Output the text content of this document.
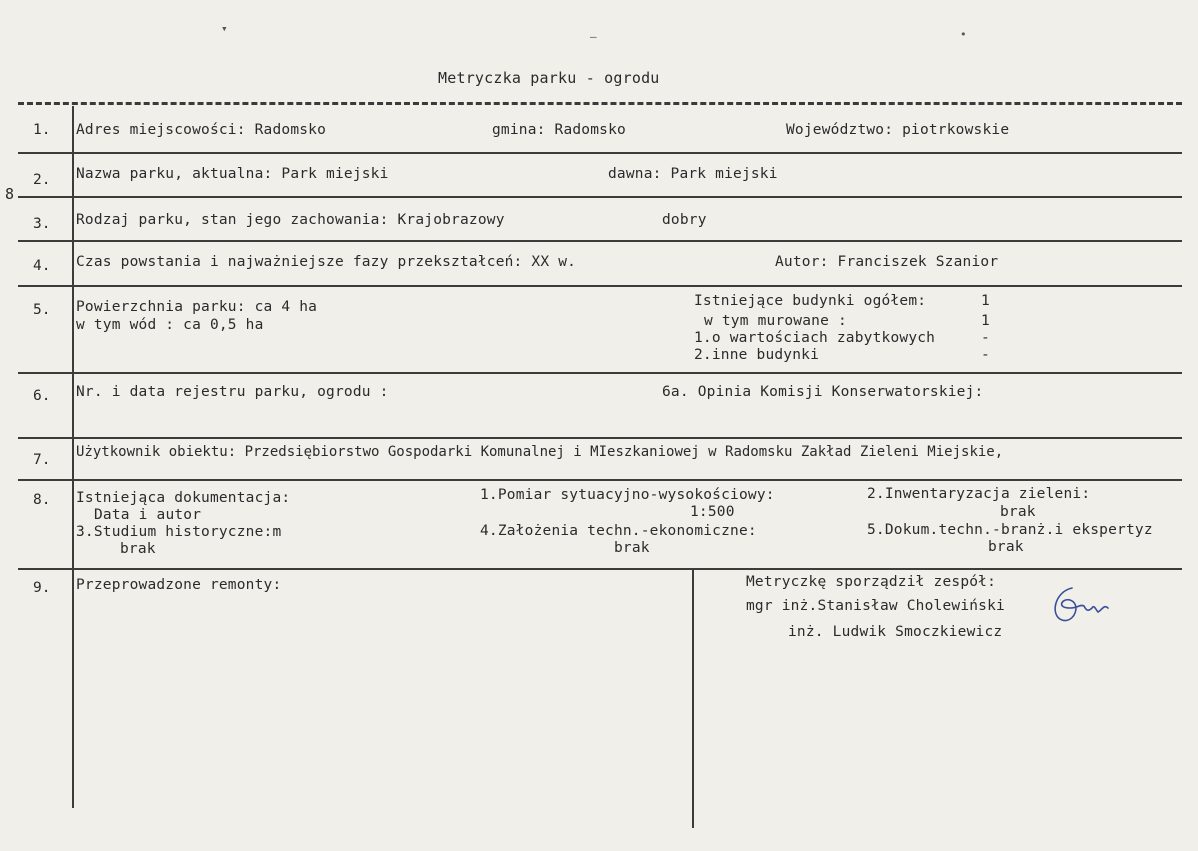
Metryczka parku - ogrodu
8
1. Adres miejscowości: Radomsko	gmina: Radomsko	Województwo: piotrkowskie
2. Nazwa parku, aktualna: Park miejski	dawna: Park miejski
3. Rodzaj parku, stan jego zachowania: Krajobrazowy	dobry
4. Czas powstania i najważniejsze fazy przekształceń: XX w.	Autor: Franciszek Szanior
5. Powierzchnia parku: ca 4 ha
w tym wód : ca 0,5 ha
Istniejące budynki ogółem:	1
w tym murowane :	1
1.o wartościach zabytkowych	-
2.inne budynki	-
6. Nr. i data rejestru parku, ogrodu :	6a. Opinia Komisji Konserwatorskiej:
7. Użytkownik obiektu: Przedsiębiorstwo Gospodarki Komunalnej i MIeszkaniowej w Radomsku Zakład Zieleni Miejskie,
8. Istniejąca dokumentacja:
Data i autor
3.Studium historyczne:m
brak
1.Pomiar sytuacyjno-wysokościowy:
1:500
4.Założenia techn.-ekonomiczne:
brak
2.Inwentaryzacja zieleni:
brak
5.Dokum.techn.-branż.i ekspertyz
brak
9. Przeprowadzone remonty:	Metryczkę sporządził zespół:
mgr inż.Stanisław Cholewiński
inż. Ludwik Smoczkiewicz
▾
–	•
